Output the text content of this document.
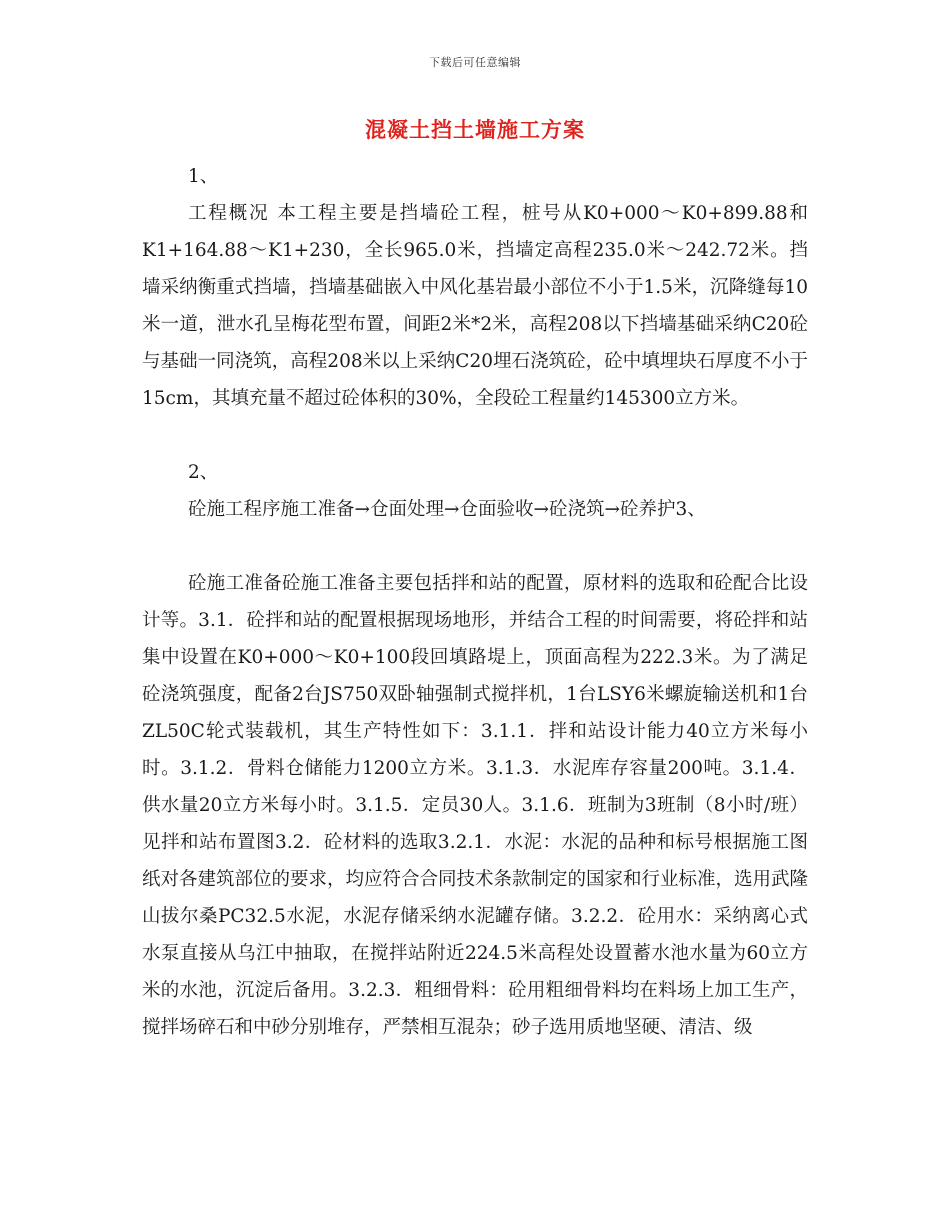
下载后可任意编辑
混凝土挡土墙施工方案

1、

工程概况 本工程主要是挡墙砼工程，桩号从K0+000～K0+899.88和K1+164.88～K1+230，全长965.0米，挡墙定高程235.0米～242.72米。挡墙采纳衡重式挡墙，挡墙基础嵌入中风化基岩最小部位不小于1.5米，沉降缝每10米一道，泄水孔呈梅花型布置，间距2米*2米，高程208以下挡墙基础采纳C20砼与基础一同浇筑，高程208米以上采纳C20埋石浇筑砼，砼中填埋块石厚度不小于15cm，其填充量不超过砼体积的30%，全段砼工程量约145300立方米。

2、

砼施工程序施工准备→仓面处理→仓面验收→砼浇筑→砼养护3、

砼施工准备砼施工准备主要包括拌和站的配置，原材料的选取和砼配合比设计等。3.1．砼拌和站的配置根据现场地形，并结合工程的时间需要，将砼拌和站集中设置在K0+000～K0+100段回填路堤上，顶面高程为222.3米。为了满足砼浇筑强度，配备2台JS750双卧轴强制式搅拌机，1台LSY6米螺旋输送机和1台ZL50C轮式装载机，其生产特性如下：3.1.1．拌和站设计能力40立方米每小时。3.1.2．骨料仓储能力1200立方米。3.1.3．水泥库存容量200吨。3.1.4．供水量20立方米每小时。3.1.5．定员30人。3.1.6．班制为3班制（8小时/班）见拌和站布置图3.2．砼材料的选取3.2.1．水泥：水泥的品种和标号根据施工图纸对各建筑部位的要求，均应符合合同技术条款制定的国家和行业标准，选用武隆山拔尔桑PC32.5水泥，水泥存储采纳水泥罐存储。3.2.2．砼用水：采纳离心式水泵直接从乌江中抽取，在搅拌站附近224.5米高程处设置蓄水池水量为60立方米的水池，沉淀后备用。3.2.3．粗细骨料：砼用粗细骨料均在料场上加工生产，搅拌场碎石和中砂分别堆存，严禁相互混杂；砂子选用质地坚硬、清洁、级
